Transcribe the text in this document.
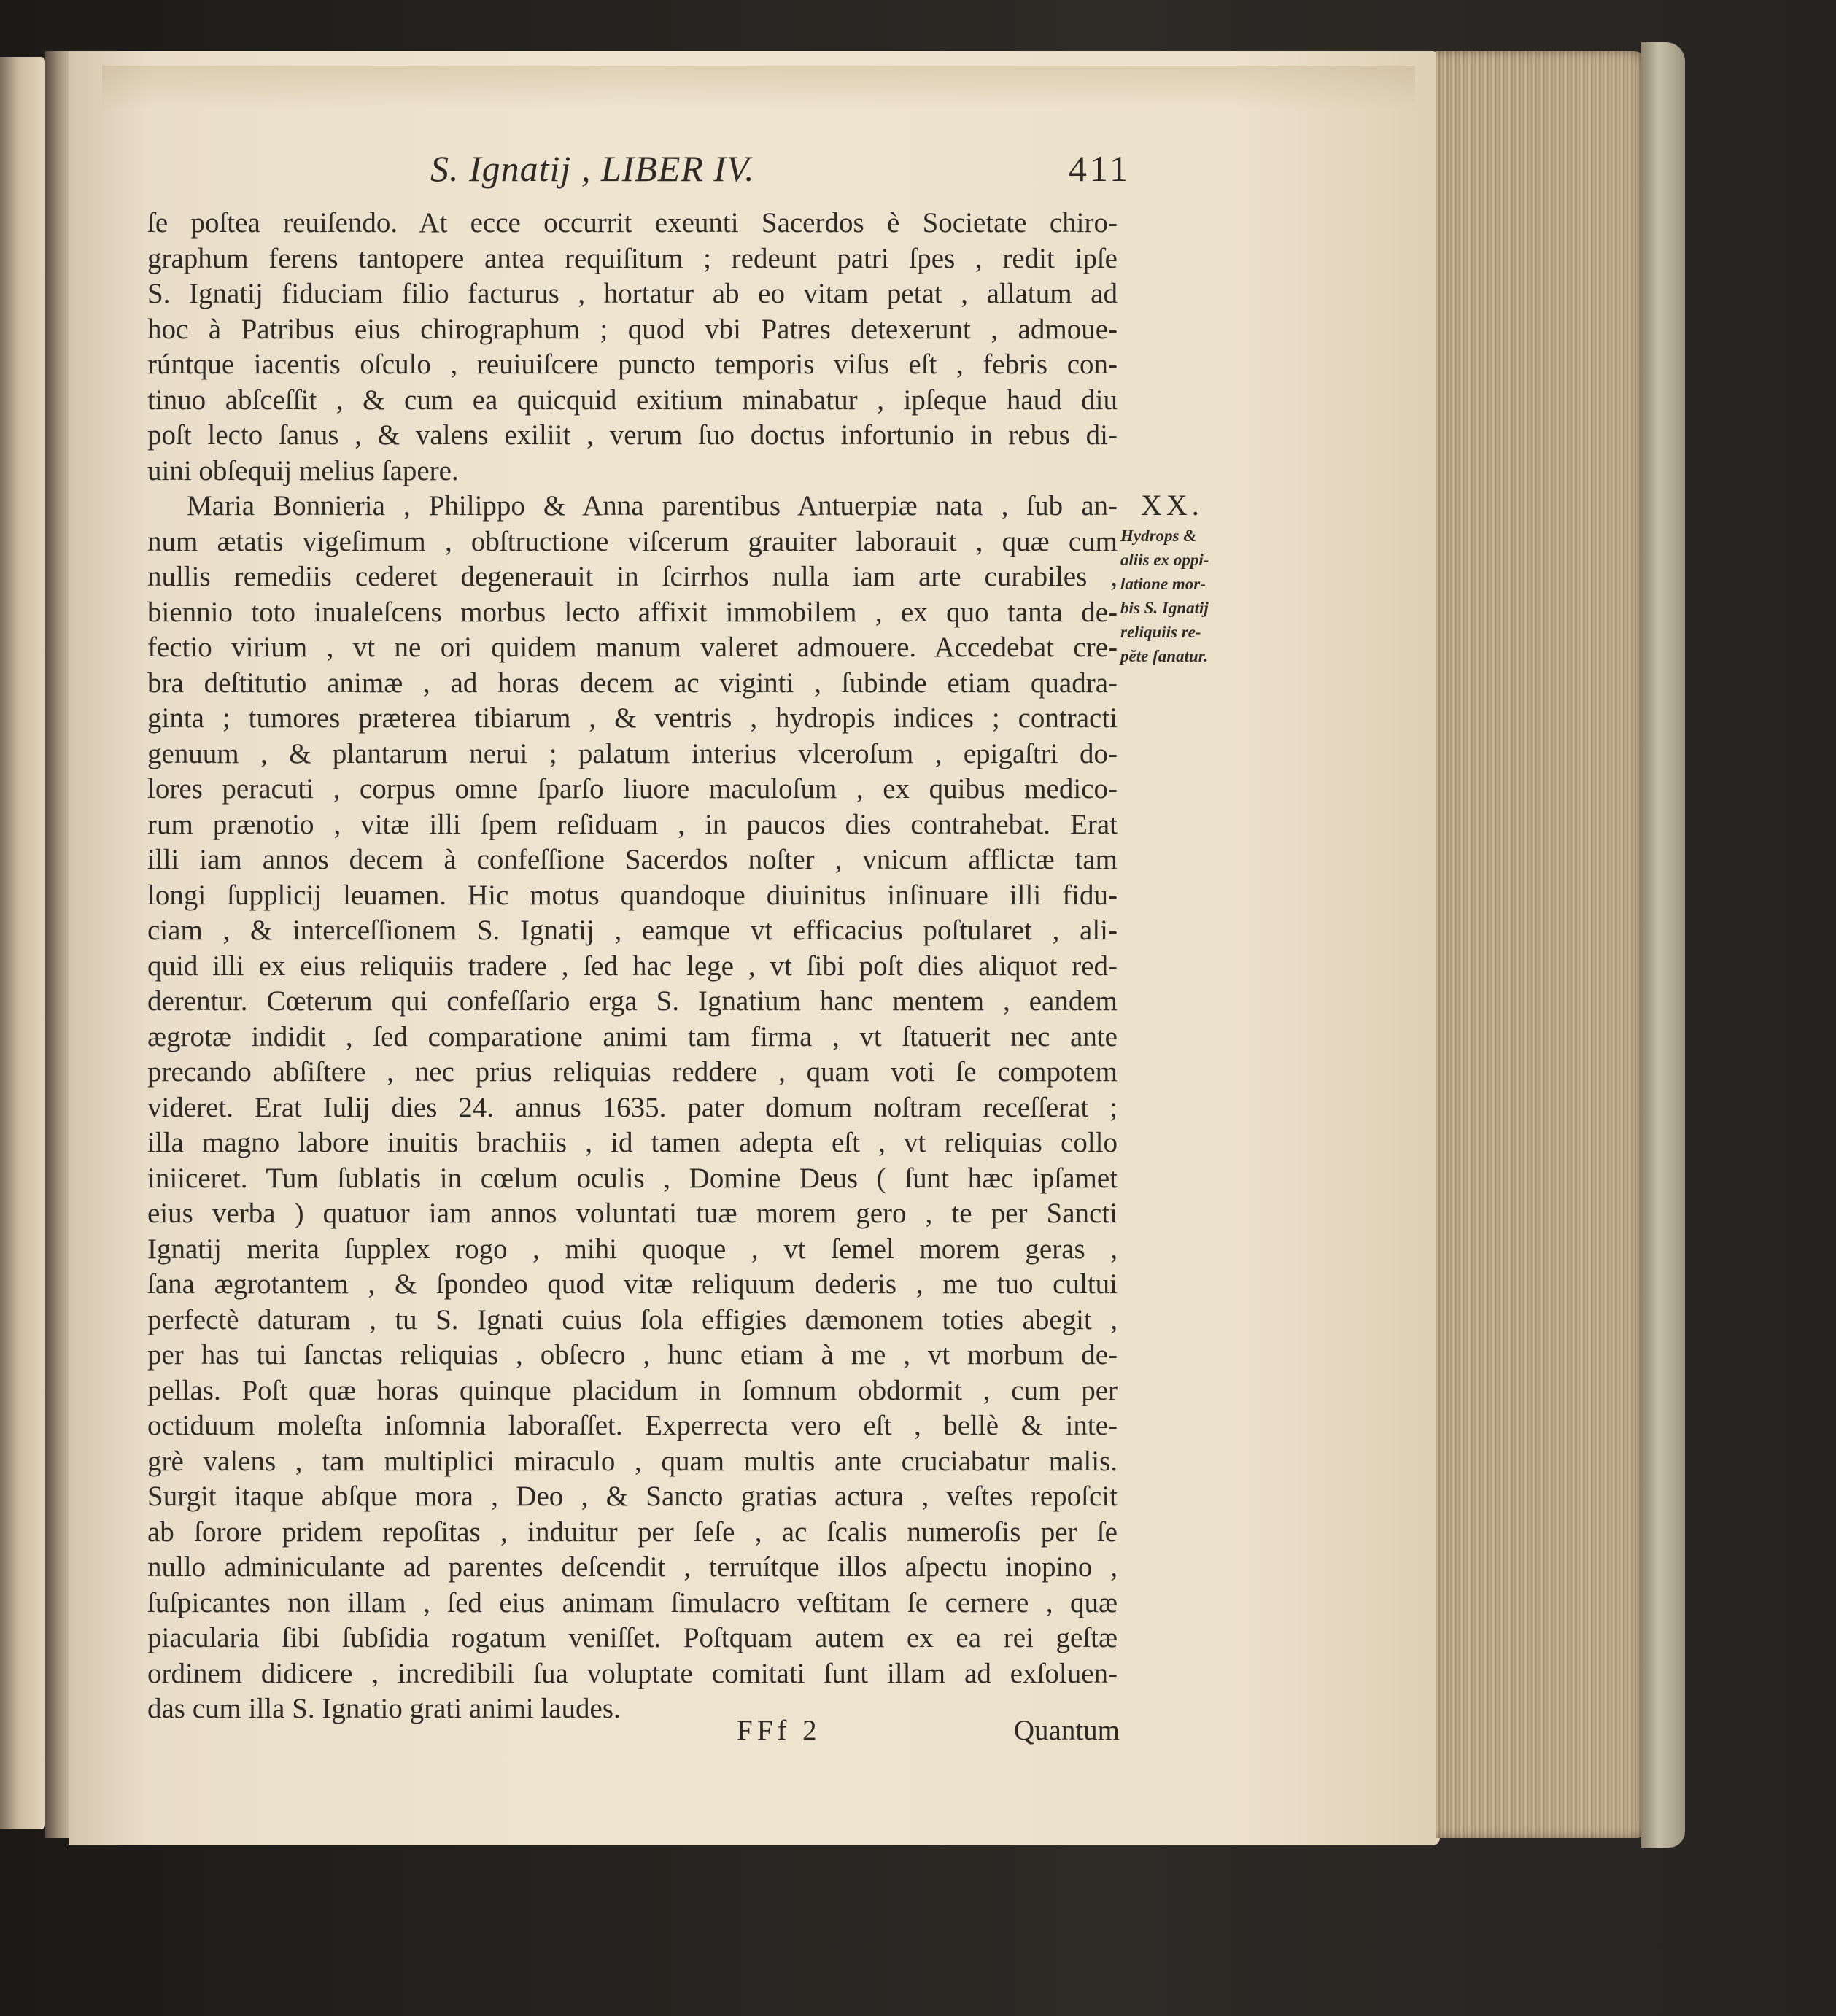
S. Ignatij , LIBER IV.	411
ſe poſtea reuiſendo. At ecce occurrit exeunti Sacerdos è Societate chiro-
graphum ferens tantopere antea requiſitum ; redeunt patri ſpes , redit ipſe
S. Ignatij fiduciam filio facturus , hortatur ab eo vitam petat , allatum ad
hoc à Patribus eius chirographum ; quod vbi Patres detexerunt , admoue-
rúntque iacentis oſculo , reuiuiſcere puncto temporis viſus eſt , febris con-
tinuo abſceſſit , & cum ea quicquid exitium minabatur , ipſeque haud diu
poſt lecto ſanus , & valens exiliit , verum ſuo doctus infortunio in rebus di-
uini obſequij melius ſapere.
Maria Bonnieria , Philippo & Anna parentibus Antuerpiæ nata , ſub an-
num ætatis vigeſimum , obſtructione viſcerum grauiter laborauit , quæ cum
nullis remediis cederet degenerauit in ſcirrhos nulla iam arte curabiles ,
biennio toto inualeſcens morbus lecto affixit immobilem , ex quo tanta de-
fectio virium , vt ne ori quidem manum valeret admouere. Accedebat cre-
bra deſtitutio animæ , ad horas decem ac viginti , ſubinde etiam quadra-
ginta ; tumores præterea tibiarum , & ventris , hydropis indices ; contracti
genuum , & plantarum nerui ; palatum interius vlceroſum , epigaſtri do-
lores peracuti , corpus omne ſparſo liuore maculoſum , ex quibus medico-
rum prænotio , vitæ illi ſpem reſiduam , in paucos dies contrahebat. Erat
illi iam annos decem à confeſſione Sacerdos noſter , vnicum afflictæ tam
longi ſupplicij leuamen. Hic motus quandoque diuinitus inſinuare illi fidu-
ciam , & interceſſionem S. Ignatij , eamque vt efficacius poſtularet , ali-
quid illi ex eius reliquiis tradere , ſed hac lege , vt ſibi poſt dies aliquot red-
derentur. Cœterum qui confeſſario erga S. Ignatium hanc mentem , eandem
ægrotæ indidit , ſed comparatione animi tam firma , vt ſtatuerit nec ante
precando abſiſtere , nec prius reliquias reddere , quam voti ſe compotem
videret. Erat Iulij dies 24. annus 1635. pater domum noſtram receſſerat ;
illa magno labore inuitis brachiis , id tamen adepta eſt , vt reliquias collo
iniiceret. Tum ſublatis in cœlum oculis , Domine Deus ( ſunt hæc ipſamet
eius verba ) quatuor iam annos voluntati tuæ morem gero , te per Sancti
Ignatij merita ſupplex rogo , mihi quoque , vt ſemel morem geras ,
ſana ægrotantem , & ſpondeo quod vitæ reliquum dederis , me tuo cultui
perfectè daturam , tu S. Ignati cuius ſola effigies dæmonem toties abegit ,
per has tui ſanctas reliquias , obſecro , hunc etiam à me , vt morbum de-
pellas. Poſt quæ horas quinque placidum in ſomnum obdormit , cum per
octiduum moleſta inſomnia laboraſſet. Experrecta vero eſt , bellè & inte-
grè valens , tam multiplici miraculo , quam multis ante cruciabatur malis.
Surgit itaque abſque mora , Deo , & Sancto gratias actura , veſtes repoſcit
ab ſorore pridem repoſitas , induitur per ſeſe , ac ſcalis numeroſis per ſe
nullo adminiculante ad parentes deſcendit , terruítque illos aſpectu inopino ,
ſuſpicantes non illam , ſed eius animam ſimulacro veſtitam ſe cernere , quæ
piacularia ſibi ſubſidia rogatum veniſſet. Poſtquam autem ex ea rei geſtæ
ordinem didicere , incredibili ſua voluptate comitati ſunt illam ad exſoluen-
das cum illa S. Ignatio grati animi laudes.
XX.
Hydrops &
aliis ex oppi-
latione mor-
bis S. Ignatij
reliquiis re-
pĕte ſanatur.
FFf 2	Quantum
